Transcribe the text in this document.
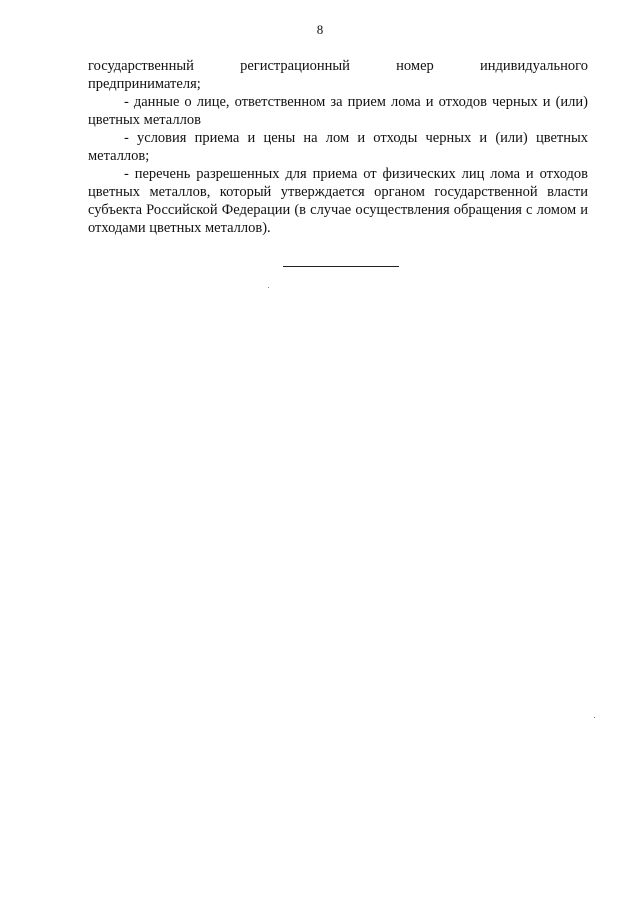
8

государственный регистрационный номер индивидуального

предпринимателя;

- данные о лице, ответственном за прием лома и отходов черных и (или) цветных металлов

- условия приема и цены на лом и отходы черных и (или) цветных металлов;

- перечень разрешенных для приема от физических лиц лома и отходов цветных металлов, который утверждается органом государственной власти субъекта Российской Федерации (в случае осуществления обращения с ломом и отходами цветных металлов).
